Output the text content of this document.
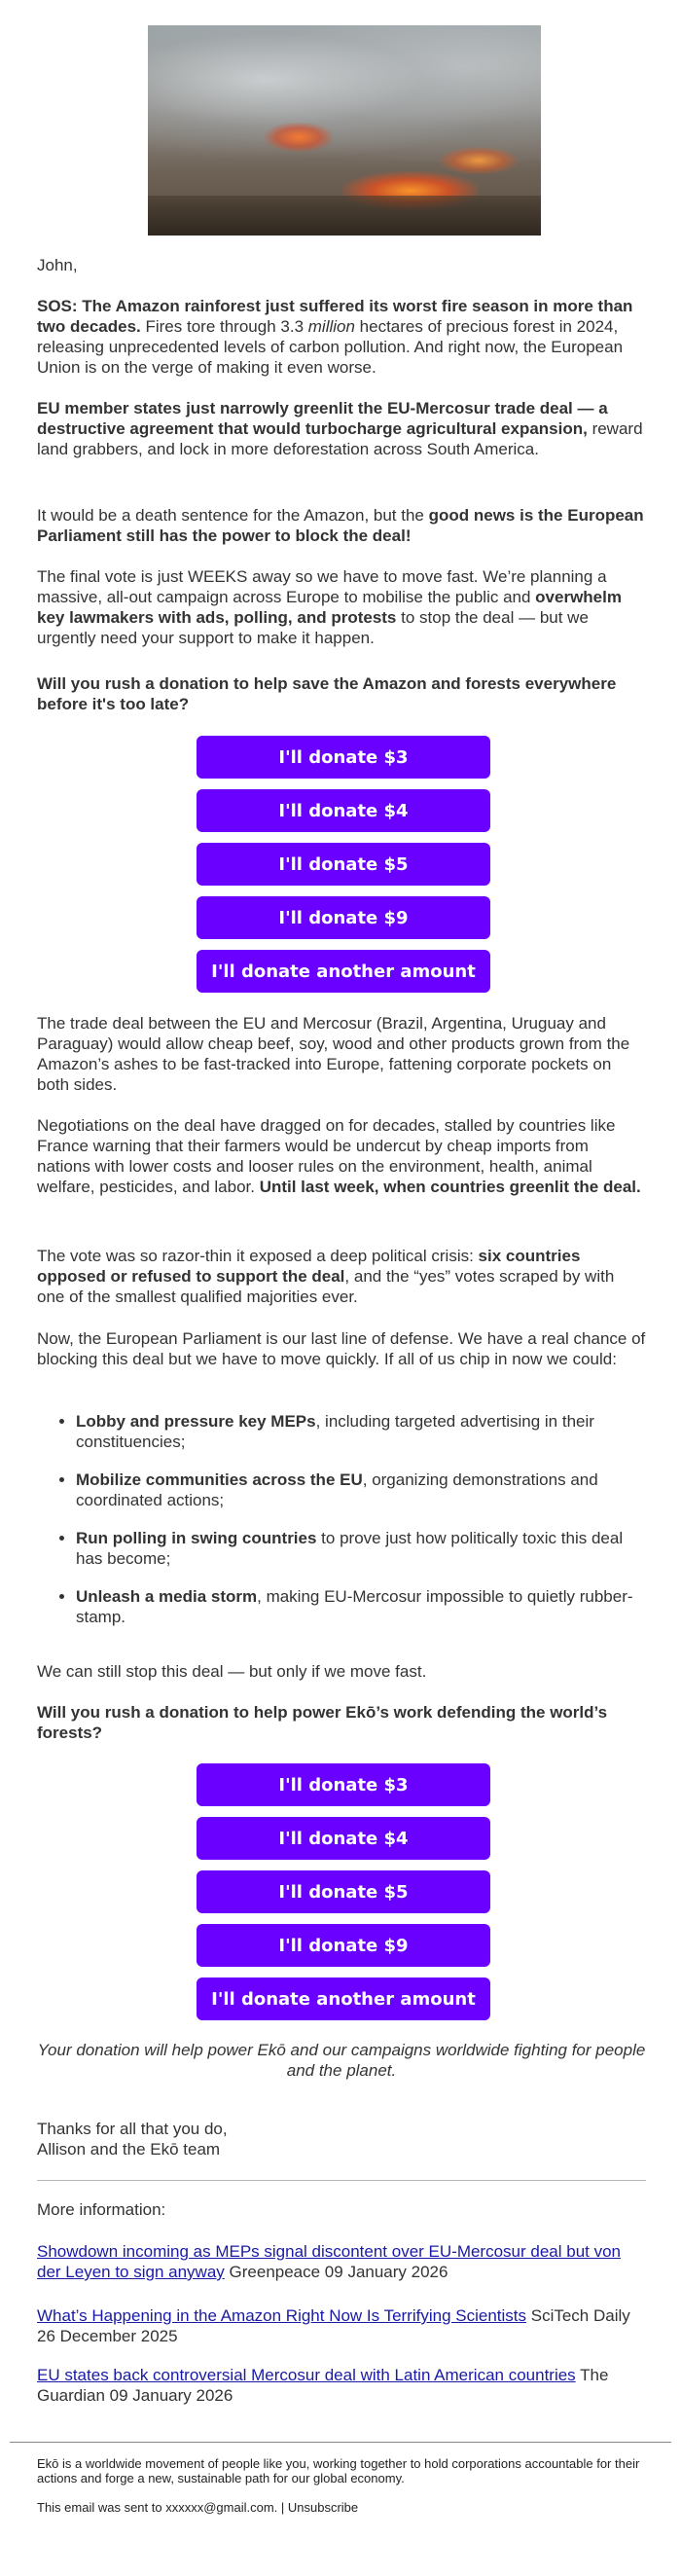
John,

SOS: The Amazon rainforest just suffered its worst fire season in more than two decades. Fires tore through 3.3 million hectares of precious forest in 2024, releasing unprecedented levels of carbon pollution. And right now, the European Union is on the verge of making it even worse.

EU member states just narrowly greenlit the EU-Mercosur trade deal — a destructive agreement that would turbocharge agricultural expansion, reward land grabbers, and lock in more deforestation across South America.

It would be a death sentence for the Amazon, but the good news is the European Parliament still has the power to block the deal!

The final vote is just WEEKS away so we have to move fast. We’re planning a massive, all-out campaign across Europe to mobilise the public and overwhelm key lawmakers with ads, polling, and protests to stop the deal — but we urgently need your support to make it happen.

Will you rush a donation to help save the Amazon and forests everywhere before it's too late?

I'll donate $3
I'll donate $4
I'll donate $5
I'll donate $9
I'll donate another amount

The trade deal between the EU and Mercosur (Brazil, Argentina, Uruguay and Paraguay) would allow cheap beef, soy, wood and other products grown from the Amazon’s ashes to be fast-tracked into Europe, fattening corporate pockets on both sides.

Negotiations on the deal have dragged on for decades, stalled by countries like France warning that their farmers would be undercut by cheap imports from nations with lower costs and looser rules on the environment, health, animal welfare, pesticides, and labor. Until last week, when countries greenlit the deal.

The vote was so razor-thin it exposed a deep political crisis: six countries opposed or refused to support the deal, and the “yes” votes scraped by with one of the smallest qualified majorities ever.

Now, the European Parliament is our last line of defense. We have a real chance of blocking this deal but we have to move quickly. If all of us chip in now we could:

• Lobby and pressure key MEPs, including targeted advertising in their constituencies;
• Mobilize communities across the EU, organizing demonstrations and coordinated actions;
• Run polling in swing countries to prove just how politically toxic this deal has become;
• Unleash a media storm, making EU-Mercosur impossible to quietly rubber-stamp.

We can still stop this deal — but only if we move fast.

Will you rush a donation to help power Ekō’s work defending the world’s forests?

I'll donate $3
I'll donate $4
I'll donate $5
I'll donate $9
I'll donate another amount

Your donation will help power Ekō and our campaigns worldwide fighting for people and the planet.

Thanks for all that you do,
Allison and the Ekō team

More information:

Showdown incoming as MEPs signal discontent over EU-Mercosur deal but von der Leyen to sign anyway Greenpeace 09 January 2026

What’s Happening in the Amazon Right Now Is Terrifying Scientists SciTech Daily 26 December 2025

EU states back controversial Mercosur deal with Latin American countries The Guardian 09 January 2026

Ekō is a worldwide movement of people like you, working together to hold corporations accountable for their actions and forge a new, sustainable path for our global economy.

This email was sent to xxxxxx@gmail.com. | Unsubscribe
